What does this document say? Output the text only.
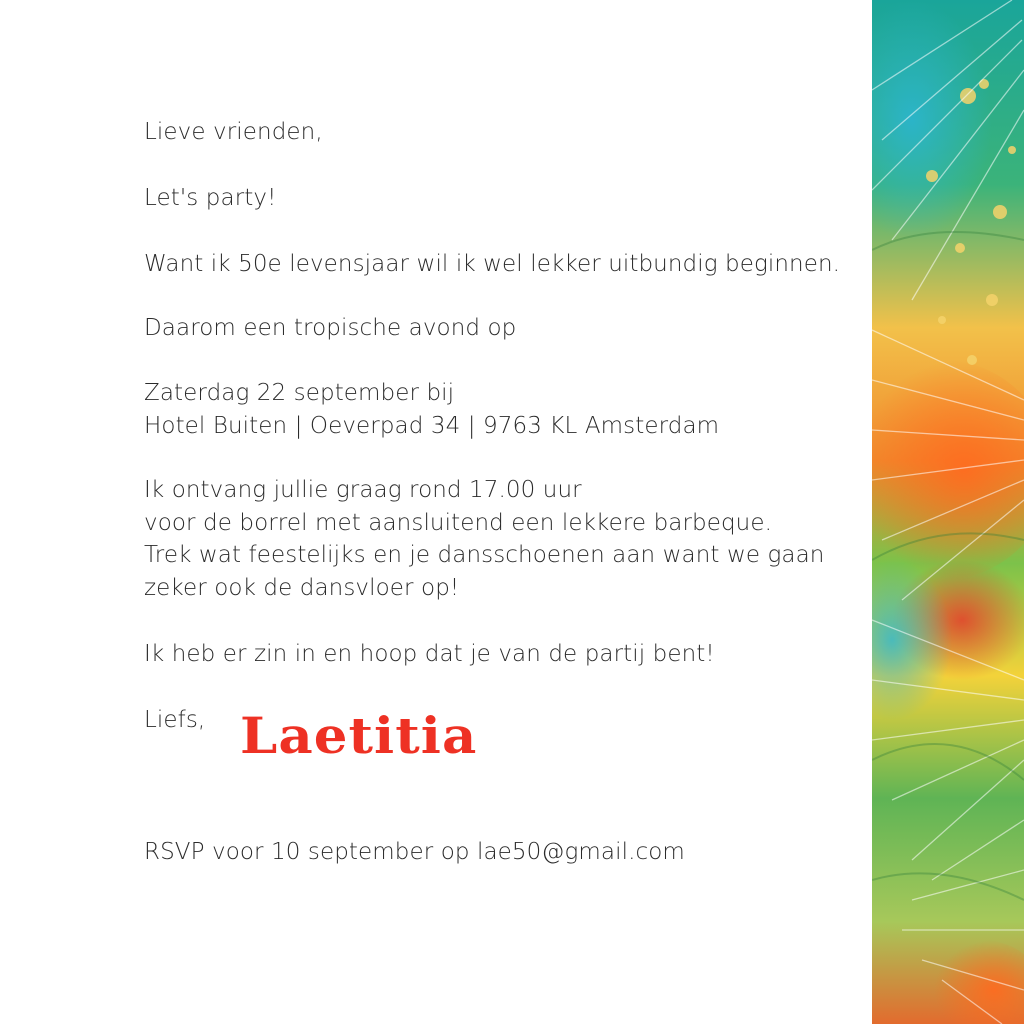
Lieve vrienden,
Let's party!
Want ik 50e levensjaar wil ik wel lekker uitbundig beginnen.
Daarom een tropische avond op
Zaterdag 22 september bij
Hotel Buiten | Oeverpad 34 | 9763 KL Amsterdam
Ik ontvang jullie graag rond 17.00 uur
voor de borrel met aansluitend een lekkere barbeque.
Trek wat feestelijks en je dansschoenen aan want we gaan
zeker ook de dansvloer op!
Ik heb er zin in en hoop dat je van de partij bent!
Liefs,
RSVP voor 10 september op lae50@gmail.com
Laetitia
